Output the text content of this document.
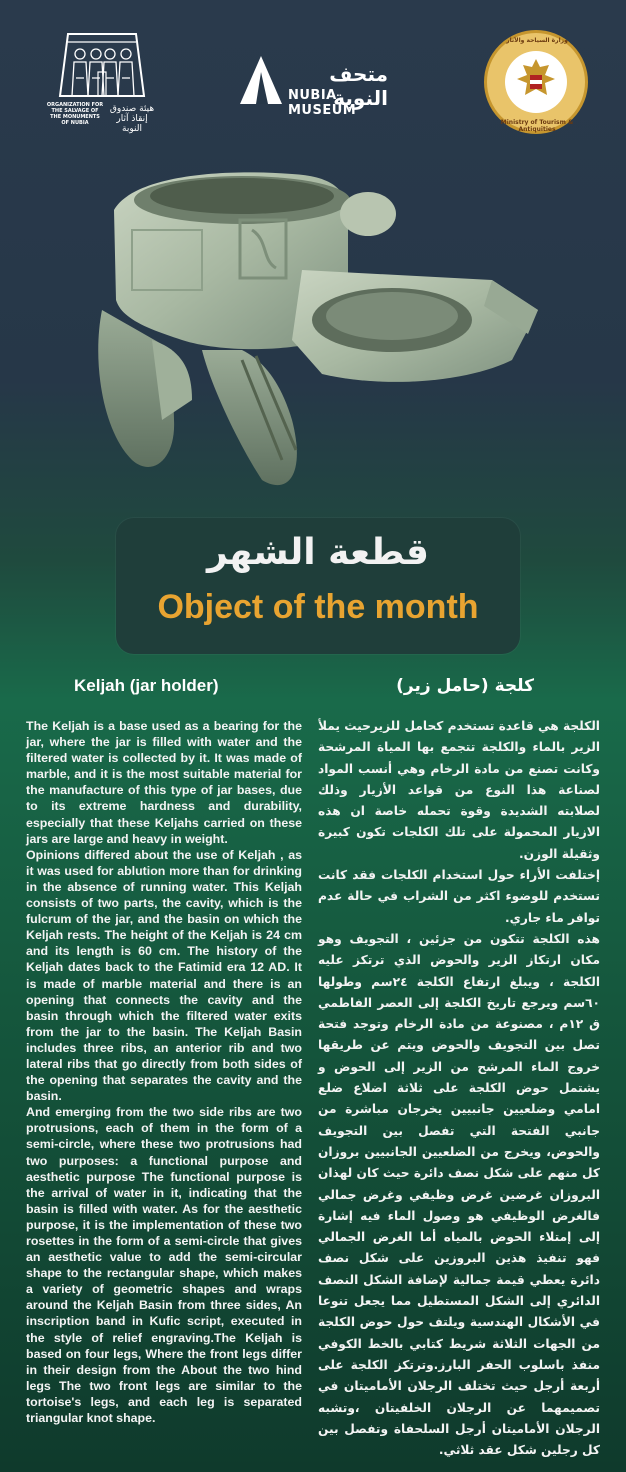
ORGANIZATION FOR THE SALVAGE OF THE MONUMENTS OF NUBIA
هيئة صندوق إنقاذ آثار النوبة
متحف النوبة
NUBIA MUSEUM
وزارة السياحة والآثار
Ministry of Tourism & Antiquities
قطعة الشهر
Object of the month
Keljah (jar holder)	كلجة (حامل زير)

The Keljah is a base used as a bearing for the jar, where the jar is filled with water and the filtered water is collected by it. It was made of marble, and it is the most suitable material for the manufacture of this type of jar bases, due to its extreme hardness and durability, especially that these Keljahs carried on these jars are large and heavy in weight.

Opinions differed about the use of Keljah , as it was used for ablution more than for drinking in the absence of running water. This Keljah consists of two parts, the cavity, which is the fulcrum of the jar, and the basin on which the Keljah rests. The height of the Keljah is 24 cm and its length is 60 cm. The history of the Keljah dates back to the Fatimid era 12 AD. It is made of marble material and there is an opening that connects the cavity and the basin through which the filtered water exits from the jar to the basin. The Keljah Basin includes three ribs, an anterior rib and two lateral ribs that go directly from both sides of the opening that separates the cavity and the basin.

And emerging from the two side ribs are two protrusions, each of them in the form of a semi-circle, where these two protrusions had two purposes: a functional purpose and aesthetic purpose The functional purpose is the arrival of water in it, indicating that the basin is filled with water. As for the aesthetic purpose, it is the implementation of these two rosettes in the form of a semi-circle that gives an aesthetic value to add the semi-circular shape to the rectangular shape, which makes a variety of geometric shapes and wraps around the Keljah Basin from three sides, An inscription band in Kufic script, executed in the style of relief engraving.The Keljah is based on four legs, Where the front legs differ in their design from the About the two hind legs The two front legs are similar to the tortoise's legs, and each leg is separated triangular knot shape.

الكلجة هي قاعدة تستخدم كحامل للزيرحيث يملأ الزير بالماء والكلجة تتجمع بها المياة المرشحة وكانت تصنع من مادة الرخام وهي أنسب المواد لصناعة هذا النوع من قواعد الأزيار وذلك لصلابته الشديدة وقوة تحمله خاصة ان هذه الازيار المحمولة على تلك الكلجات تكون كبيرة وثقيلة الوزن.

إختلفت الأراء حول استخدام الكلجات فقد كانت تستخدم للوضوء اكثر من الشراب في حالة عدم توافر ماء جاري.

هذه الكلجة تتكون من جزئين ، التجويف وهو مكان ارتكاز الزير والحوض الذي ترتكز عليه الكلجة ، ويبلغ ارتفاع الكلجة ٢٤سم وطولها ٦٠سم ويرجع تاريخ الكلجة إلى العصر الفاطمي ق ١٢م ، مصنوعة من مادة الرخام وتوجد فتحة تصل بين التجويف والحوض ويتم عن طريقها خروج الماء المرشح من الزير إلى الحوض و يشتمل حوض الكلجة على ثلاثة اضلاع ضلع امامي وضلعيين جانبيين يخرجان مباشرة من جانبي الفتحة التي تفصل بين التجويف والحوض، ويخرج من الضلعيين الجانبيين بروزان كل منهم على شكل نصف دائرة حيث كان لهذان البروزان غرضين غرض وظيفي وغرض جمالي فالغرض الوظيفي هو وصول الماء فيه إشارة إلى إمتلاء الحوض بالمياه أما الغرض الجمالي فهو تنفيذ هذين البروزين على شكل نصف دائرة يعطي قيمة جمالية لإضافة الشكل النصف الدائري إلى الشكل المستطيل مما يجعل تنوعا في الأشكال الهندسية ويلتف حول حوض الكلجة من الجهات الثلاثة شريط كتابي بالخط الكوفي منفذ باسلوب الحفر البارز.وترتكز الكلجة على أربعة أرجل حيث تختلف الرجلان الأماميتان في تصميمهما عن الرجلان الخلفيتان ،وتشبه الرجلان الأماميتان أرجل السلحفاة وتفصل بين كل رجلين شكل عقد ثلاثي.
